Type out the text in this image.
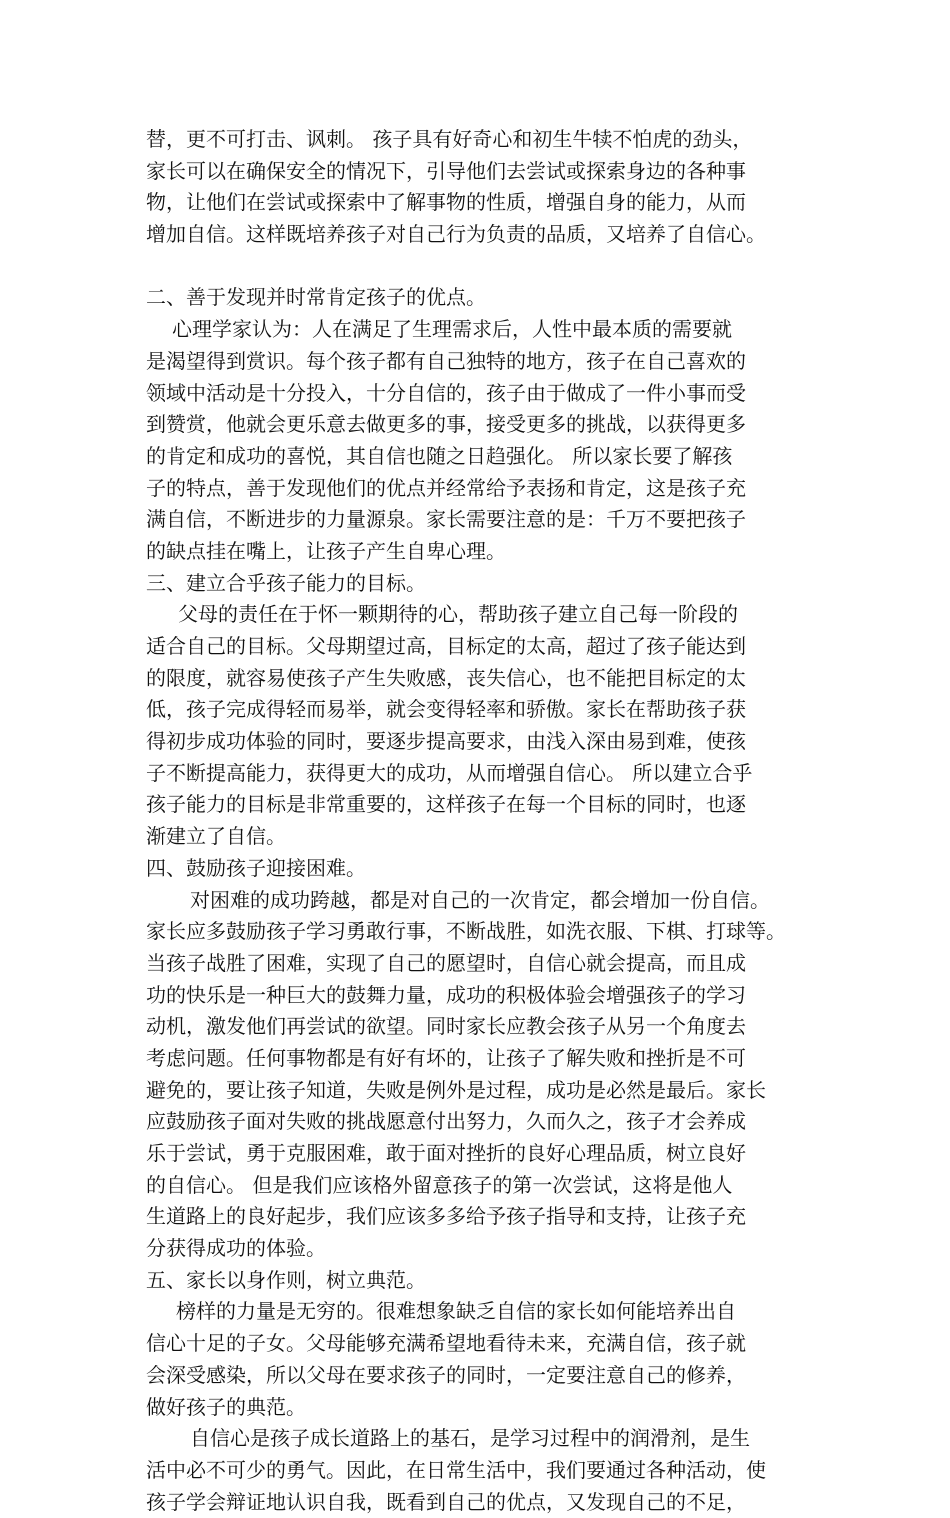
替，更不可打击、讽刺。 孩子具有好奇心和初生牛犊不怕虎的劲头，
家长可以在确保安全的情况下，引导他们去尝试或探索身边的各种事
物，让他们在尝试或探索中了解事物的性质，增强自身的能力，从而
增加自信。这样既培养孩子对自己行为负责的品质，又培养了自信心。
二、善于发现并时常肯定孩子的优点。
心理学家认为：人在满足了生理需求后，人性中最本质的需要就
是渴望得到赏识。每个孩子都有自己独特的地方，孩子在自己喜欢的
领域中活动是十分投入，十分自信的，孩子由于做成了一件小事而受
到赞赏，他就会更乐意去做更多的事，接受更多的挑战，以获得更多
的肯定和成功的喜悦，其自信也随之日趋强化。 所以家长要了解孩
子的特点，善于发现他们的优点并经常给予表扬和肯定，这是孩子充
满自信，不断进步的力量源泉。家长需要注意的是：千万不要把孩子
的缺点挂在嘴上，让孩子产生自卑心理。
三、建立合乎孩子能力的目标。
父母的责任在于怀一颗期待的心，帮助孩子建立自己每一阶段的
适合自己的目标。父母期望过高，目标定的太高，超过了孩子能达到
的限度，就容易使孩子产生失败感，丧失信心，也不能把目标定的太
低，孩子完成得轻而易举，就会变得轻率和骄傲。家长在帮助孩子获
得初步成功体验的同时，要逐步提高要求，由浅入深由易到难，使孩
子不断提高能力，获得更大的成功，从而增强自信心。 所以建立合乎
孩子能力的目标是非常重要的，这样孩子在每一个目标的同时，也逐
渐建立了自信。
四、鼓励孩子迎接困难。
对困难的成功跨越，都是对自己的一次肯定，都会增加一份自信。
家长应多鼓励孩子学习勇敢行事，不断战胜，如洗衣服、下棋、打球等。
当孩子战胜了困难，实现了自己的愿望时，自信心就会提高，而且成
功的快乐是一种巨大的鼓舞力量，成功的积极体验会增强孩子的学习
动机，激发他们再尝试的欲望。同时家长应教会孩子从另一个角度去
考虑问题。任何事物都是有好有坏的，让孩子了解失败和挫折是不可
避免的，要让孩子知道，失败是例外是过程，成功是必然是最后。家长
应鼓励孩子面对失败的挑战愿意付出努力，久而久之，孩子才会养成
乐于尝试，勇于克服困难，敢于面对挫折的良好心理品质，树立良好
的自信心。 但是我们应该格外留意孩子的第一次尝试，这将是他人
生道路上的良好起步，我们应该多多给予孩子指导和支持，让孩子充
分获得成功的体验。
五、家长以身作则，树立典范。
榜样的力量是无穷的。很难想象缺乏自信的家长如何能培养出自
信心十足的子女。父母能够充满希望地看待未来，充满自信，孩子就
会深受感染，所以父母在要求孩子的同时，一定要注意自己的修养，
做好孩子的典范。
自信心是孩子成长道路上的基石，是学习过程中的润滑剂，是生
活中必不可少的勇气。因此，在日常生活中，我们要通过各种活动，使
孩子学会辩证地认识自我，既看到自己的优点，又发现自己的不足，
